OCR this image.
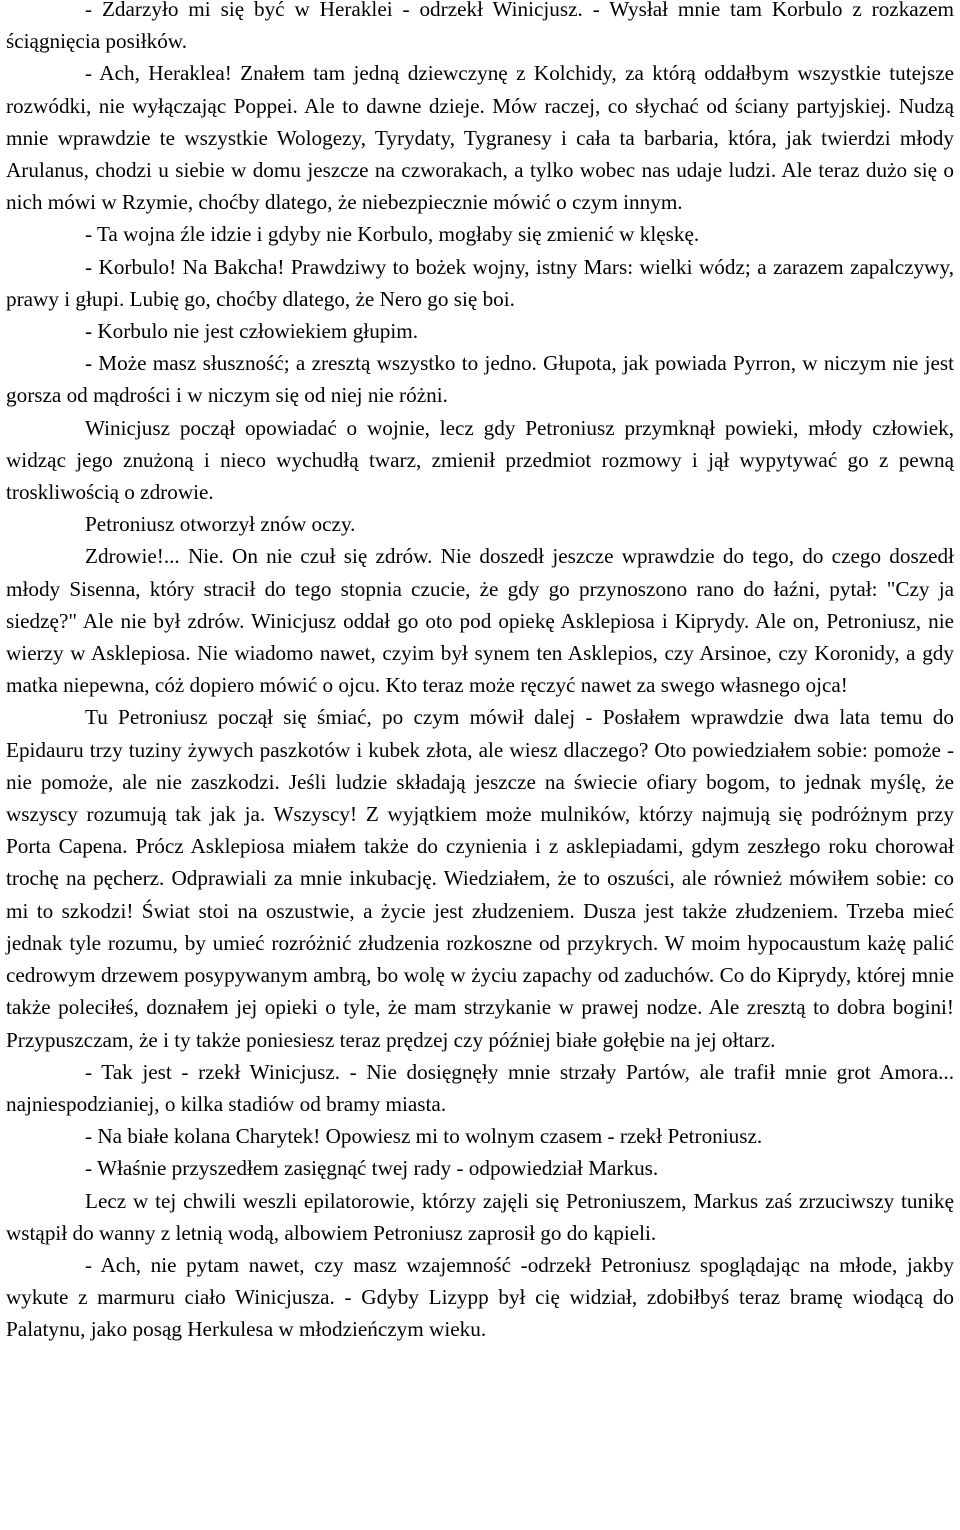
- Zdarzyło mi się być w Heraklei - odrzekł Winicjusz. - Wysłał mnie tam Korbulo z rozkazem ściągnięcia posiłków.

- Ach, Heraklea! Znałem tam jedną dziewczynę z Kolchidy, za którą oddałbym wszystkie tutejsze rozwódki, nie wyłączając Poppei. Ale to dawne dzieje. Mów raczej, co słychać od ściany partyjskiej. Nudzą mnie wprawdzie te wszystkie Wologezy, Tyrydaty, Tygranesy i cała ta barbaria, która, jak twierdzi młody Arulanus, chodzi u siebie w domu jeszcze na czworakach, a tylko wobec nas udaje ludzi. Ale teraz dużo się o nich mówi w Rzymie, choćby dlatego, że niebezpiecznie mówić o czym innym.

- Ta wojna źle idzie i gdyby nie Korbulo, mogłaby się zmienić w klęskę.

- Korbulo! Na Bakcha! Prawdziwy to bożek wojny, istny Mars: wielki wódz; a zarazem zapalczywy, prawy i głupi. Lubię go, choćby dlatego, że Nero go się boi.

- Korbulo nie jest człowiekiem głupim.

- Może masz słuszność; a zresztą wszystko to jedno. Głupota, jak powiada Pyrron, w niczym nie jest gorsza od mądrości i w niczym się od niej nie różni.

Winicjusz począł opowiadać o wojnie, lecz gdy Petroniusz przymknął powieki, młody człowiek, widząc jego znużoną i nieco wychudłą twarz, zmienił przedmiot rozmowy i jął wypytywać go z pewną troskliwością o zdrowie.

Petroniusz otworzył znów oczy.

Zdrowie!... Nie. On nie czuł się zdrów. Nie doszedł jeszcze wprawdzie do tego, do czego doszedł młody Sisenna, który stracił do tego stopnia czucie, że gdy go przynoszono rano do łaźni, pytał: "Czy ja siedzę?" Ale nie był zdrów. Winicjusz oddał go oto pod opiekę Asklepiosa i Kiprydy. Ale on, Petroniusz, nie wierzy w Asklepiosa. Nie wiadomo nawet, czyim był synem ten Asklepios, czy Arsinoe, czy Koronidy, a gdy matka niepewna, cóż dopiero mówić o ojcu. Kto teraz może ręczyć nawet za swego własnego ojca!

Tu Petroniusz począł się śmiać, po czym mówił dalej - Posłałem wprawdzie dwa lata temu do Epidauru trzy tuziny żywych paszkotów i kubek złota, ale wiesz dlaczego? Oto powiedziałem sobie: pomoże - nie pomoże, ale nie zaszkodzi. Jeśli ludzie składają jeszcze na świecie ofiary bogom, to jednak myślę, że wszyscy rozumują tak jak ja. Wszyscy! Z wyjątkiem może mulników, którzy najmują się podróżnym przy Porta Capena. Prócz Asklepiosa miałem także do czynienia i z asklepiadami, gdym zeszłego roku chorował trochę na pęcherz. Odprawiali za mnie inkubację. Wiedziałem, że to oszuści, ale również mówiłem sobie: co mi to szkodzi! Świat stoi na oszustwie, a życie jest złudzeniem. Dusza jest także złudzeniem. Trzeba mieć jednak tyle rozumu, by umieć rozróżnić złudzenia rozkoszne od przykrych. W moim hypocaustum każę palić cedrowym drzewem posypywanym ambrą, bo wolę w życiu zapachy od zaduchów. Co do Kiprydy, której mnie także poleciłeś, doznałem jej opieki o tyle, że mam strzykanie w prawej nodze. Ale zresztą to dobra bogini! Przypuszczam, że i ty także poniesiesz teraz prędzej czy później białe gołębie na jej ołtarz.

- Tak jest - rzekł Winicjusz. - Nie dosięgnęły mnie strzały Partów, ale trafił mnie grot Amora... najniespodzianiej, o kilka stadiów od bramy miasta.

- Na białe kolana Charytek! Opowiesz mi to wolnym czasem - rzekł Petroniusz.

- Właśnie przyszedłem zasięgnąć twej rady - odpowiedział Markus.

Lecz w tej chwili weszli epilatorowie, którzy zajęli się Petroniuszem, Markus zaś zrzuciwszy tunikę wstąpił do wanny z letnią wodą, albowiem Petroniusz zaprosił go do kąpieli.

- Ach, nie pytam nawet, czy masz wzajemność -odrzekł Petroniusz spoglądając na młode, jakby wykute z marmuru ciało Winicjusza. - Gdyby Lizypp był cię widział, zdobiłbyś teraz bramę wiodącą do Palatynu, jako posąg Herkulesa w młodzieńczym wieku.
